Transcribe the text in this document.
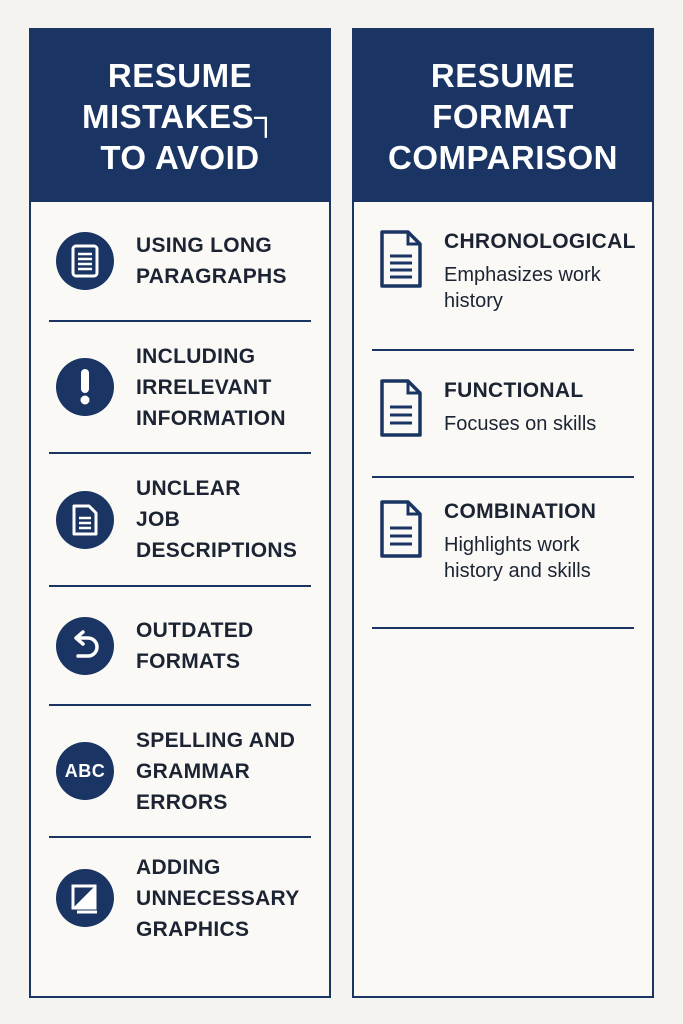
RESUME
MISTAKES┐
TO AVOID
USING LONG
PARAGRAPHS
INCLUDING
IRRELEVANT
INFORMATION
UNCLEAR
JOB
DESCRIPTIONS
OUTDATED
FORMATS
ABC
SPELLING AND
GRAMMAR
ERRORS
ADDING
UNNECESSARY
GRAPHICS
RESUME
FORMAT
COMPARISON
CHRONOLOGICAL
Emphasizes work
history
FUNCTIONAL
Focuses on skills
COMBINATION
Highlights work
history and skills
